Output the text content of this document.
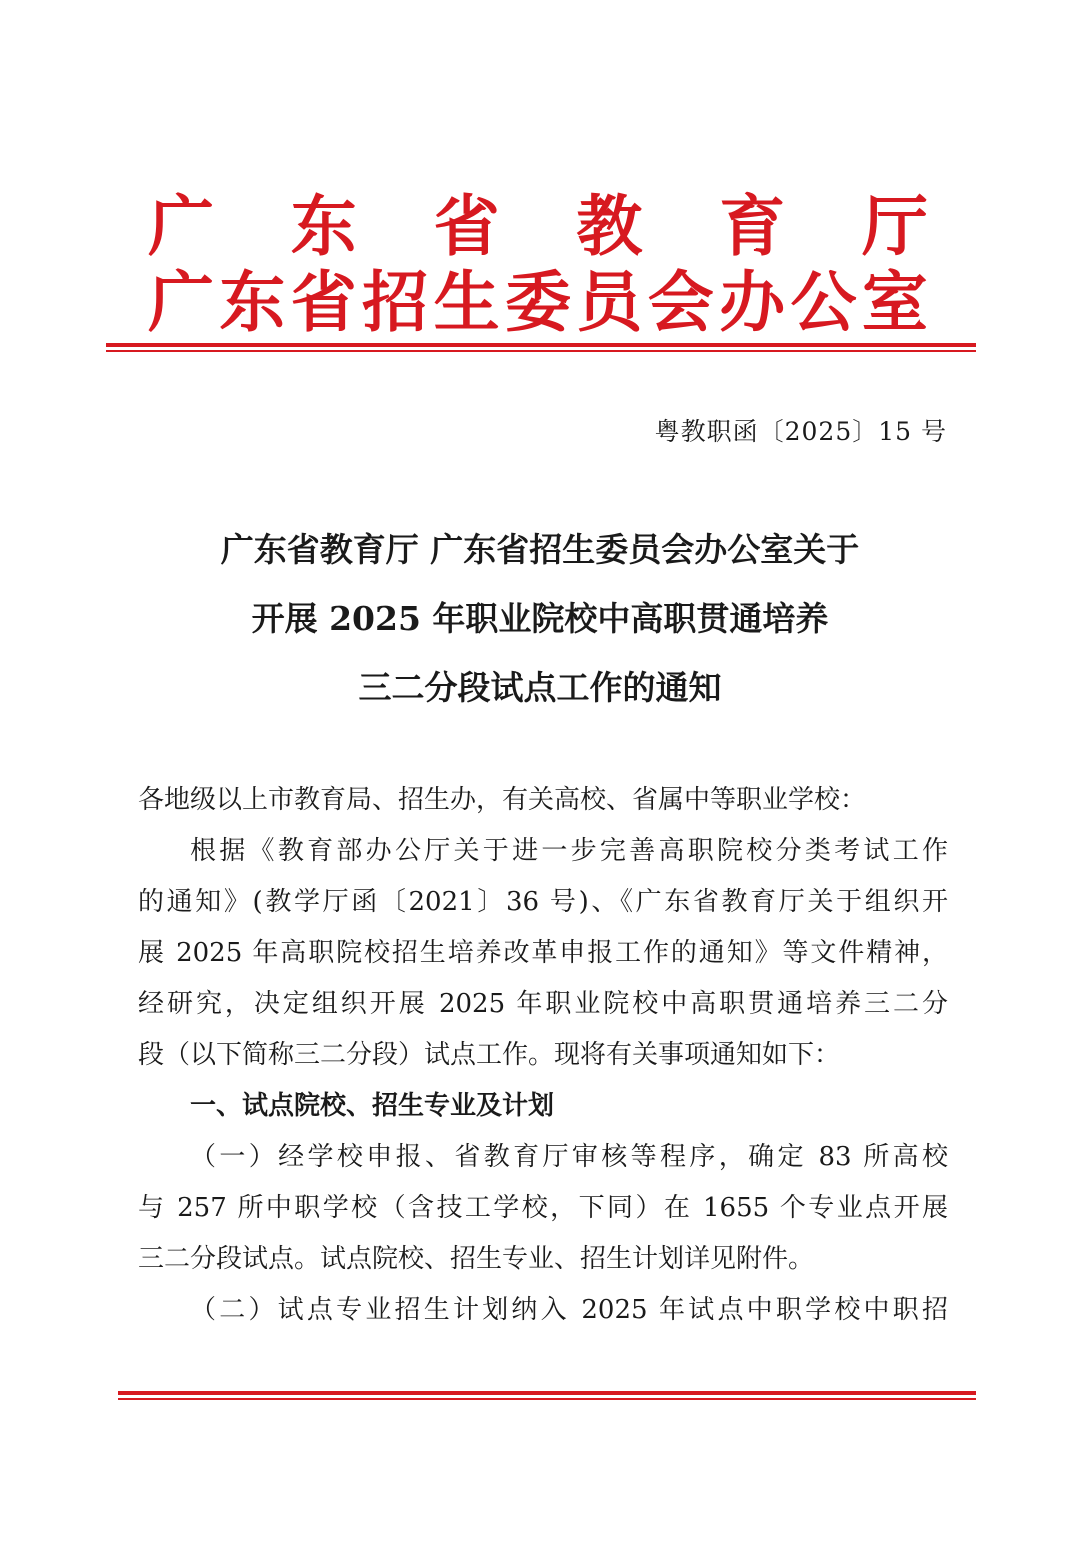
广 东 省 教 育 厅
广 东 省 招 生 委 员 会 办 公 室
粤教职函〔2025〕15 号
广东省教育厅 广东省招生委员会办公室关于
开展 2025 年职业院校中高职贯通培养
三二分段试点工作的通知
各地级以上市教育局、招生办，有关高校、省属中等职业学校：
根据《教育部办公厅关于进一步完善高职院校分类考试工作
的通知》(教学厅函〔2021〕36 号)、《广东省教育厅关于组织开
展 2025 年高职院校招生培养改革申报工作的通知》等文件精神，
经研究，决定组织开展 2025 年职业院校中高职贯通培养三二分
段（以下简称三二分段）试点工作。现将有关事项通知如下：
一、试点院校、招生专业及计划
（一）经学校申报、省教育厅审核等程序，确定 83 所高校
与 257 所中职学校（含技工学校，下同）在 1655 个专业点开展
三二分段试点。试点院校、招生专业、招生计划详见附件。
（二）试点专业招生计划纳入 2025 年试点中职学校中职招
